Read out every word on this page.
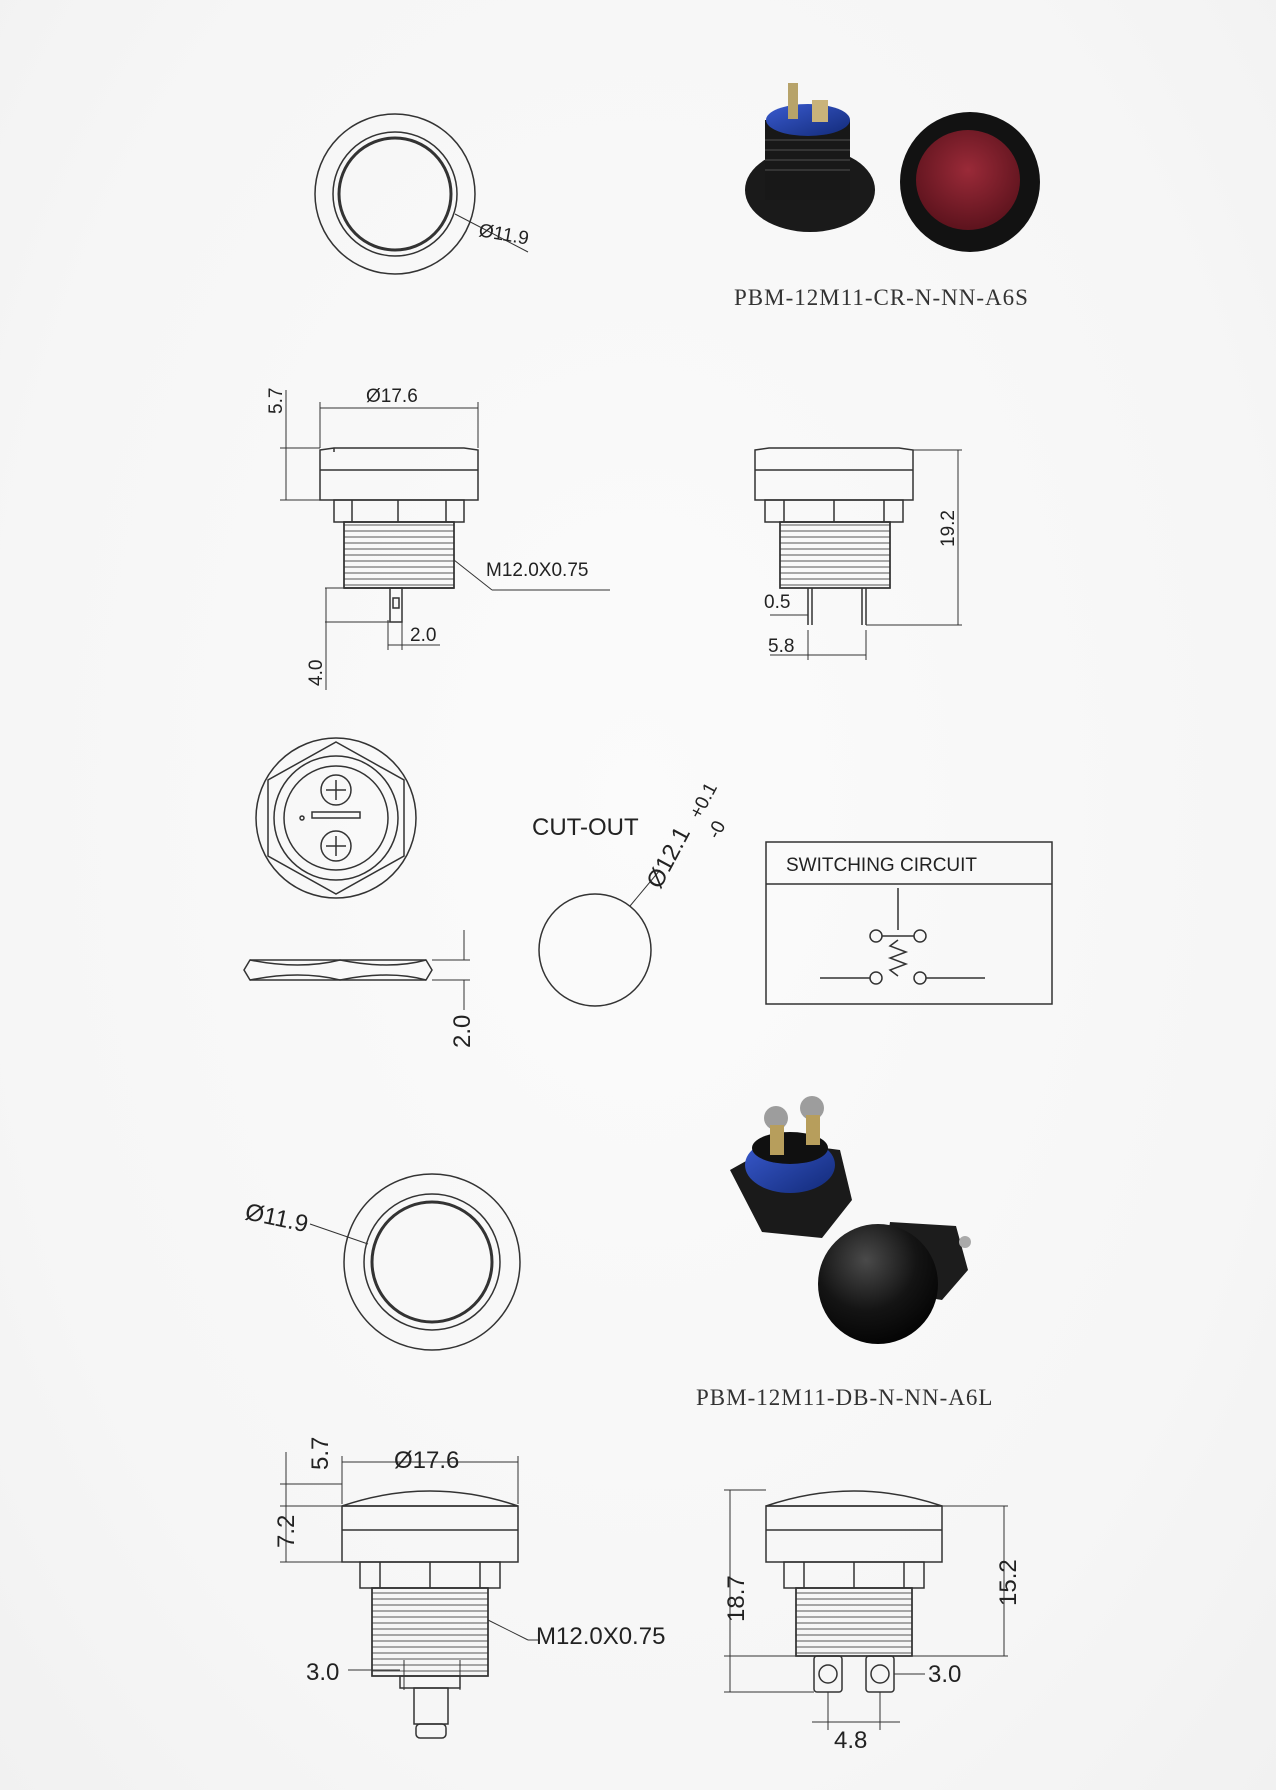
Ø11.9
PBM-12M11-CR-N-NN-A6S
5.7	Ø17.6
M12.0X0.75
2.0
4.0
19.2
0.5
5.8
2.0
CUT-OUT Ø12.1
+0.1
-0
SWITCHING CIRCUIT
Ø11.9
PBM-12M11-DB-N-NN-A6L
5.7	Ø17.6
7.2
M12.0X0.75
3.0
18.7	15.2
3.0
4.8
